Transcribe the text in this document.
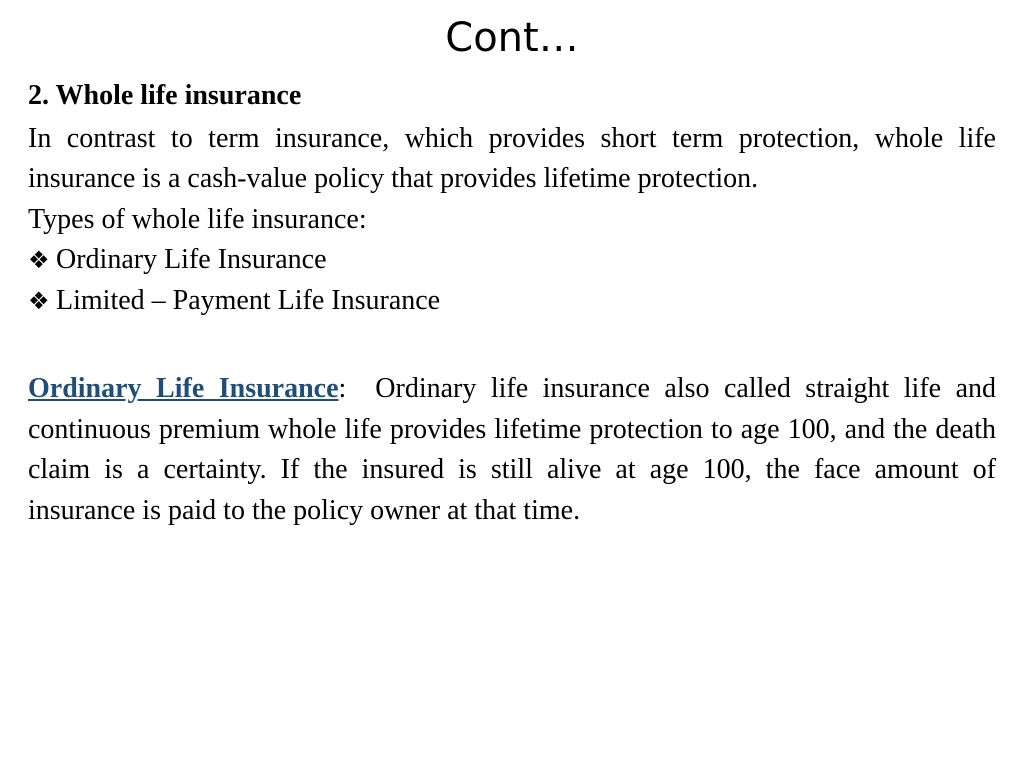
Cont…

2. Whole life insurance

In contrast to term insurance, which provides short term protection, whole life insurance is a cash-value policy that provides lifetime protection.

Types of whole life insurance:

❖ Ordinary Life Insurance
❖ Limited – Payment Life Insurance

Ordinary Life Insurance: Ordinary life insurance also called straight life and continuous premium whole life provides lifetime protection to age 100, and the death claim is a certainty. If the insured is still alive at age 100, the face amount of insurance is paid to the policy owner at that time.
